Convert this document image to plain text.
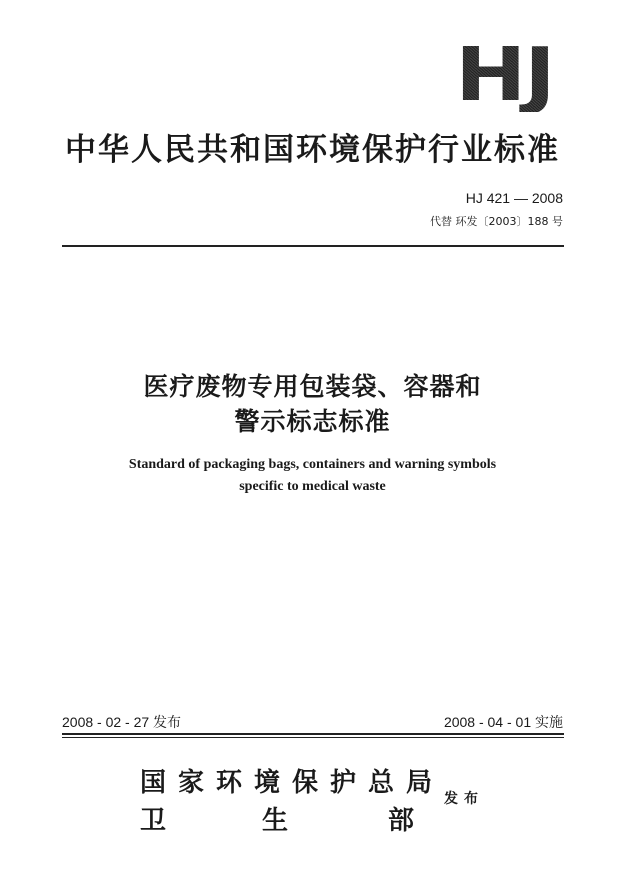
HJ
中华人民共和国环境保护行业标准
HJ 421 — 2008
代替 环发〔2003〕188 号
医疗废物专用包装袋、容器和
警示标志标准
Standard of packaging bags, containers and warning symbols
specific to medical waste
2008 - 02 - 27 发布	2008 - 04 - 01 实施
国家环境保护总局
卫	生	部
发布
